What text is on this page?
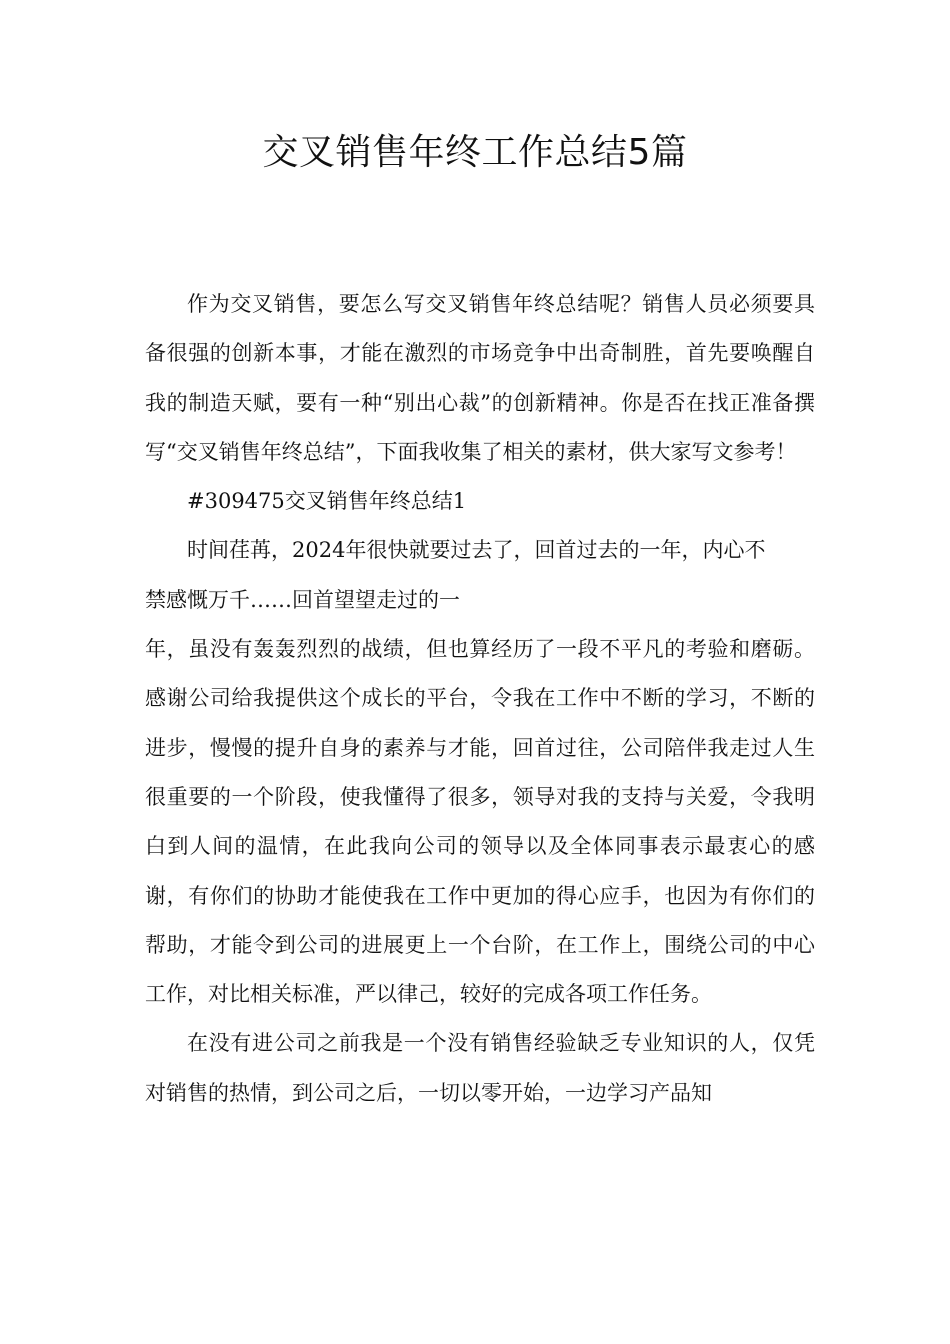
交叉销售年终工作总结5篇

作为交叉销售，要怎么写交叉销售年终总结呢？销售人员必须要具备很强的创新本事，才能在激烈的市场竞争中出奇制胜，首先要唤醒自我的制造天赋，要有一种“别出心裁”的创新精神。你是否在找正准备撰写“交叉销售年终总结”，下面我收集了相关的素材，供大家写文参考！

#309475交叉销售年终总结1

时间荏苒，2024年很快就要过去了，回首过去的一年，内心不

禁感慨万千……回首望望走过的一

年，虽没有轰轰烈烈的战绩，但也算经历了一段不平凡的考验和磨砺。感谢公司给我提供这个成长的平台，令我在工作中不断的学习，不断的进步，慢慢的提升自身的素养与才能，回首过往，公司陪伴我走过人生很重要的一个阶段，使我懂得了很多，领导对我的支持与关爱，令我明白到人间的温情，在此我向公司的领导以及全体同事表示最衷心的感谢，有你们的协助才能使我在工作中更加的得心应手，也因为有你们的帮助，才能令到公司的进展更上一个台阶，在工作上，围绕公司的中心工作，对比相关标准，严以律己，较好的完成各项工作任务。

在没有进公司之前我是一个没有销售经验缺乏专业知识的人，仅凭对销售的热情，到公司之后，一切以零开始，一边学习产品知
